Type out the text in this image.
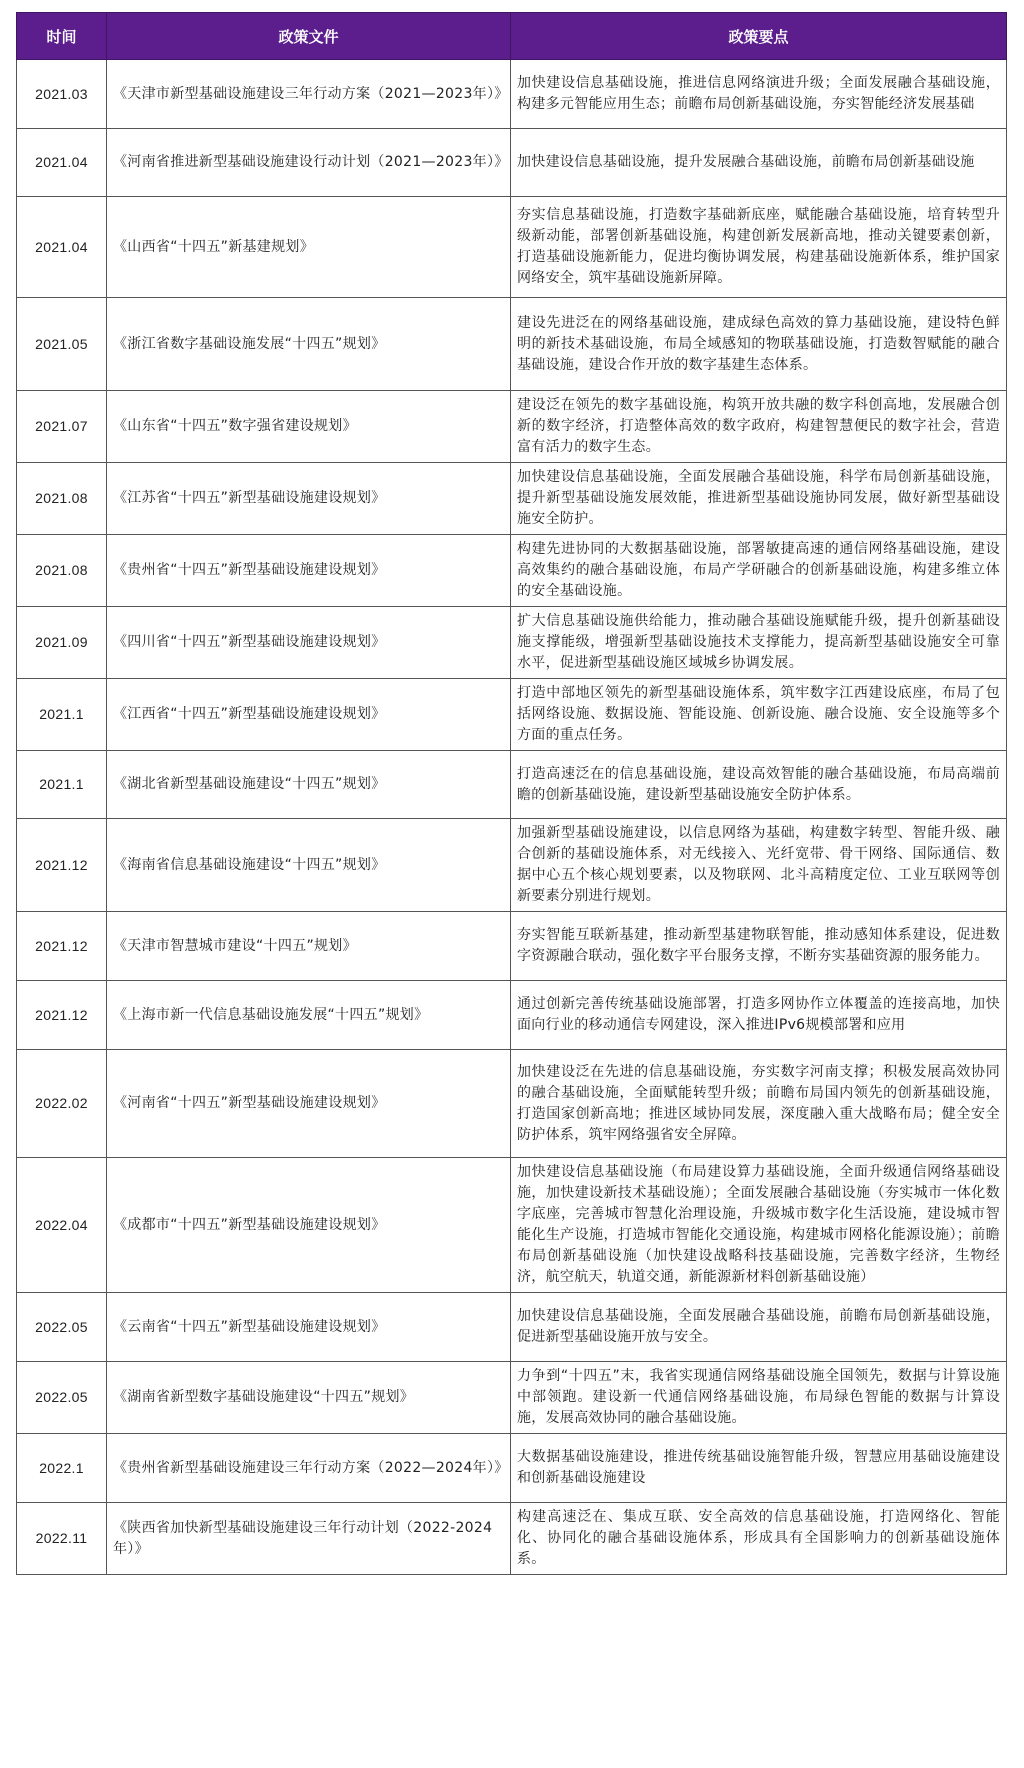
时间	政策文件	政策要点
2021.03	《天津市新型基础设施建设三年行动方案（2021—2023年）》	加快建设信息基础设施，推进信息网络演进升级；全面发展融合基础设施，构建多元智能应用生态；前瞻布局创新基础设施，夯实智能经济发展基础
2021.04	《河南省推进新型基础设施建设行动计划（2021—2023年）》	加快建设信息基础设施，提升发展融合基础设施，前瞻布局创新基础设施
2021.04	《山西省“十四五”新基建规划》	夯实信息基础设施，打造数字基础新底座，赋能融合基础设施，培育转型升级新动能，部署创新基础设施，构建创新发展新高地，推动关键要素创新，打造基础设施新能力，促进均衡协调发展，构建基础设施新体系，维护国家网络安全，筑牢基础设施新屏障。
2021.05	《浙江省数字基础设施发展“十四五”规划》	建设先进泛在的网络基础设施，建成绿色高效的算力基础设施，建设特色鲜明的新技术基础设施，布局全域感知的物联基础设施，打造数智赋能的融合基础设施，建设合作开放的数字基建生态体系。
2021.07	《山东省“十四五”数字强省建设规划》	建设泛在领先的数字基础设施，构筑开放共融的数字科创高地，发展融合创新的数字经济，打造整体高效的数字政府，构建智慧便民的数字社会，营造富有活力的数字生态。
2021.08	《江苏省“十四五”新型基础设施建设规划》	加快建设信息基础设施，全面发展融合基础设施，科学布局创新基础设施，提升新型基础设施发展效能，推进新型基础设施协同发展，做好新型基础设施安全防护。
2021.08	《贵州省“十四五”新型基础设施建设规划》	构建先进协同的大数据基础设施，部署敏捷高速的通信网络基础设施，建设高效集约的融合基础设施，布局产学研融合的创新基础设施，构建多维立体的安全基础设施。
2021.09	《四川省“十四五”新型基础设施建设规划》	扩大信息基础设施供给能力，推动融合基础设施赋能升级，提升创新基础设施支撑能级，增强新型基础设施技术支撑能力，提高新型基础设施安全可靠水平，促进新型基础设施区域城乡协调发展。
2021.1	《江西省“十四五”新型基础设施建设规划》	打造中部地区领先的新型基础设施体系，筑牢数字江西建设底座，布局了包括网络设施、数据设施、智能设施、创新设施、融合设施、安全设施等多个方面的重点任务。
2021.1	《湖北省新型基础设施建设“十四五”规划》	打造高速泛在的信息基础设施，建设高效智能的融合基础设施，布局高端前瞻的创新基础设施，建设新型基础设施安全防护体系。
2021.12	《海南省信息基础设施建设“十四五”规划》	加强新型基础设施建设，以信息网络为基础，构建数字转型、智能升级、融合创新的基础设施体系，对无线接入、光纤宽带、骨干网络、国际通信、数据中心五个核心规划要素，以及物联网、北斗高精度定位、工业互联网等创新要素分别进行规划。
2021.12	《天津市智慧城市建设“十四五”规划》	夯实智能互联新基建，推动新型基建物联智能，推动感知体系建设，促进数字资源融合联动，强化数字平台服务支撑，不断夯实基础资源的服务能力。
2021.12	《上海市新一代信息基础设施发展“十四五”规划》	通过创新完善传统基础设施部署，打造多网协作立体覆盖的连接高地，加快面向行业的移动通信专网建设，深入推进IPv6规模部署和应用
2022.02	《河南省“十四五”新型基础设施建设规划》	加快建设泛在先进的信息基础设施，夯实数字河南支撑；积极发展高效协同的融合基础设施，全面赋能转型升级；前瞻布局国内领先的创新基础设施，打造国家创新高地；推进区域协同发展，深度融入重大战略布局；健全安全防护体系，筑牢网络强省安全屏障。
2022.04	《成都市“十四五”新型基础设施建设规划》	加快建设信息基础设施（布局建设算力基础设施，全面升级通信网络基础设施，加快建设新技术基础设施）；全面发展融合基础设施（夯实城市一体化数字底座，完善城市智慧化治理设施，升级城市数字化生活设施，建设城市智能化生产设施，打造城市智能化交通设施，构建城市网格化能源设施）；前瞻布局创新基础设施（加快建设战略科技基础设施，完善数字经济，生物经济，航空航天，轨道交通，新能源新材料创新基础设施）
2022.05	《云南省“十四五”新型基础设施建设规划》	加快建设信息基础设施，全面发展融合基础设施，前瞻布局创新基础设施，促进新型基础设施开放与安全。
2022.05	《湖南省新型数字基础设施建设“十四五”规划》	力争到“十四五”末，我省实现通信网络基础设施全国领先，数据与计算设施中部领跑。建设新一代通信网络基础设施，布局绿色智能的数据与计算设施，发展高效协同的融合基础设施。
2022.1	《贵州省新型基础设施建设三年行动方案（2022—2024年）》	大数据基础设施建设，推进传统基础设施智能升级，智慧应用基础设施建设和创新基础设施建设
2022.11	《陕西省加快新型基础设施建设三年行动计划（2022-2024年）》	构建高速泛在、集成互联、安全高效的信息基础设施，打造网络化、智能化、协同化的融合基础设施体系，形成具有全国影响力的创新基础设施体系。
